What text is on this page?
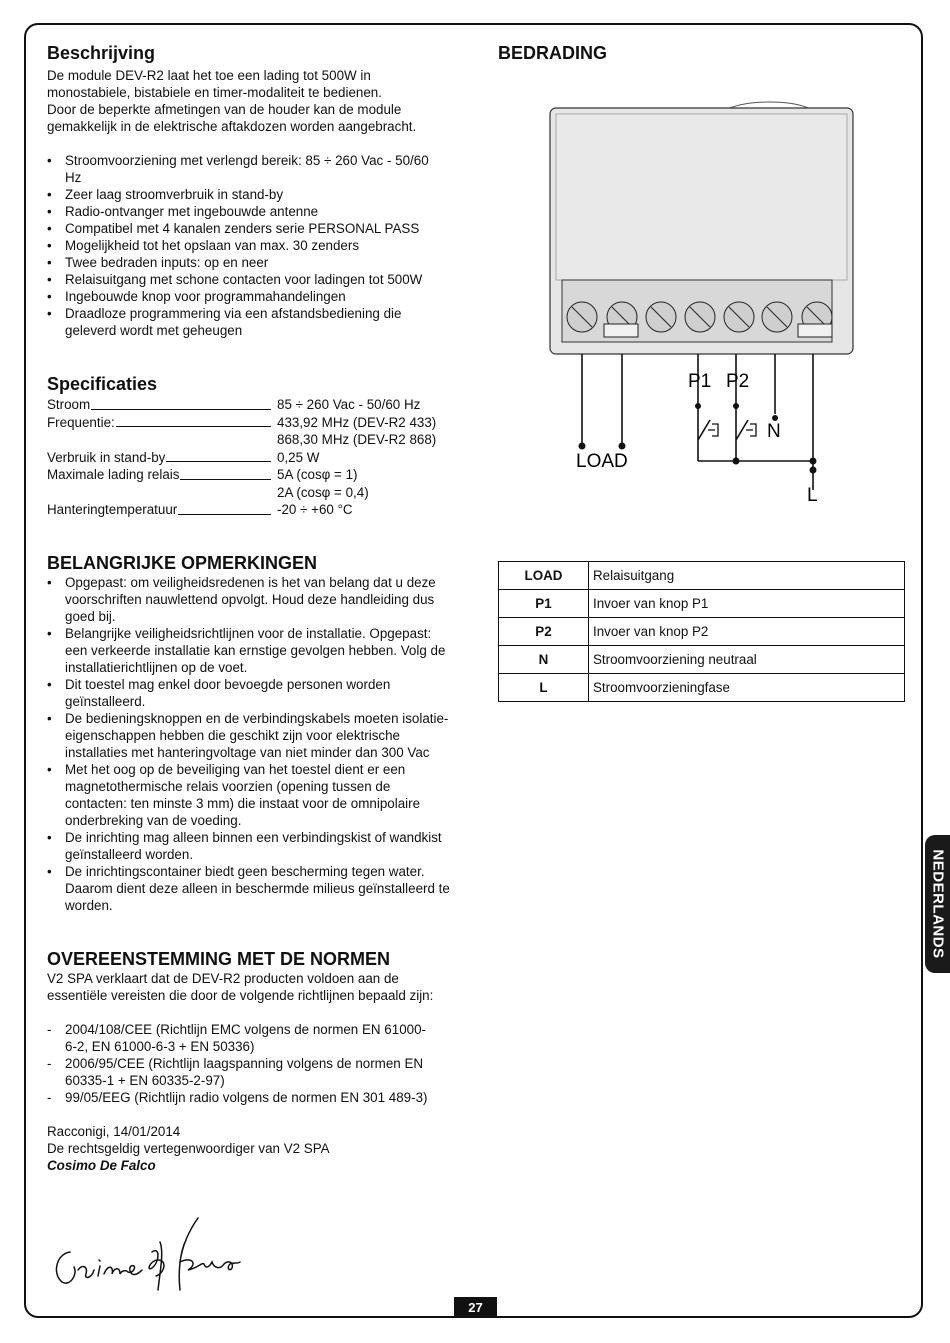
Beschrijving

De module DEV-R2 laat het toe een lading tot 500W in

monostabiele, bistabiele en timer-modaliteit te bedienen.

Door de beperkte afmetingen van de houder kan de module

gemakkelijk in de elektrische aftakdozen worden aangebracht.

• Stroomvoorziening met verlengd bereik: 85 ÷ 260 Vac - 50/60 Hz
• Zeer laag stroomverbruik in stand-by
• Radio-ontvanger met ingebouwde antenne
• Compatibel met 4 kanalen zenders serie PERSONAL PASS
• Mogelijkheid tot het opslaan van max. 30 zenders
• Twee bedraden inputs: op en neer
• Relaisuitgang met schone contacten voor ladingen tot 500W
• Ingebouwde knop voor programmahandelingen
• Draadloze programmering via een afstandsbediening die geleverd wordt met geheugen
Specificaties
Stroom	85 ÷ 260 Vac - 50/60 Hz
Frequentie:	433,92 MHz (DEV-R2 433)
868,30 MHz (DEV-R2 868)
Verbruik in stand-by	0,25 W
Maximale lading relais	5A (cosφ = 1)
2A (cosφ = 0,4)
Hanteringtemperatuur	-20 ÷ +60 °C
BELANGRIJKE OPMERKINGEN
• Opgepast: om veiligheidsredenen is het van belang dat u deze voorschriften nauwlettend opvolgt. Houd deze handleiding dus goed bij.
• Belangrijke veiligheidsrichtlijnen voor de installatie. Opgepast: een verkeerde installatie kan ernstige gevolgen hebben. Volg de installatierichtlijnen op de voet.
• Dit toestel mag enkel door bevoegde personen worden geïnstalleerd.
• De bedieningsknoppen en de verbindingskabels moeten isolatie-eigenschappen hebben die geschikt zijn voor elektrische installaties met hanteringvoltage van niet minder dan 300 Vac
• Met het oog op de beveiliging van het toestel dient er een magnetothermische relais voorzien (opening tussen de contacten: ten minste 3 mm) die instaat voor de omnipolaire onderbreking van de voeding.
• De inrichting mag alleen binnen een verbindingskist of wandkist geïnstalleerd worden.
• De inrichtingscontainer biedt geen bescherming tegen water. Daarom dient deze alleen in beschermde milieus geïnstalleerd te worden.
OVEREENSTEMMING MET DE NORMEN

V2 SPA verklaart dat de DEV-R2 producten voldoen aan de

essentiële vereisten die door de volgende richtlijnen bepaald zijn:

- 2004/108/CEE (Richtlijn EMC volgens de normen EN 61000-6-2, EN 61000-6-3 + EN 50336)
- 2006/95/CEE (Richtlijn laagspanning volgens de normen EN 60335-1 + EN 60335-2-97)
- 99/05/EEG (Richtlijn radio volgens de normen EN 301 489-3)

Racconigi, 14/01/2014

De rechtsgeldig vertegenwoordiger van V2 SPA

Cosimo De Falco

BEDRADING
P1 P2
N
LOAD
L
LOAD	Relaisuitgang
P1	Invoer van knop P1
P2	Invoer van knop P2
N	Stroomvoorziening neutraal
L	Stroomvoorzieningfase
NEDERLANDS
27
